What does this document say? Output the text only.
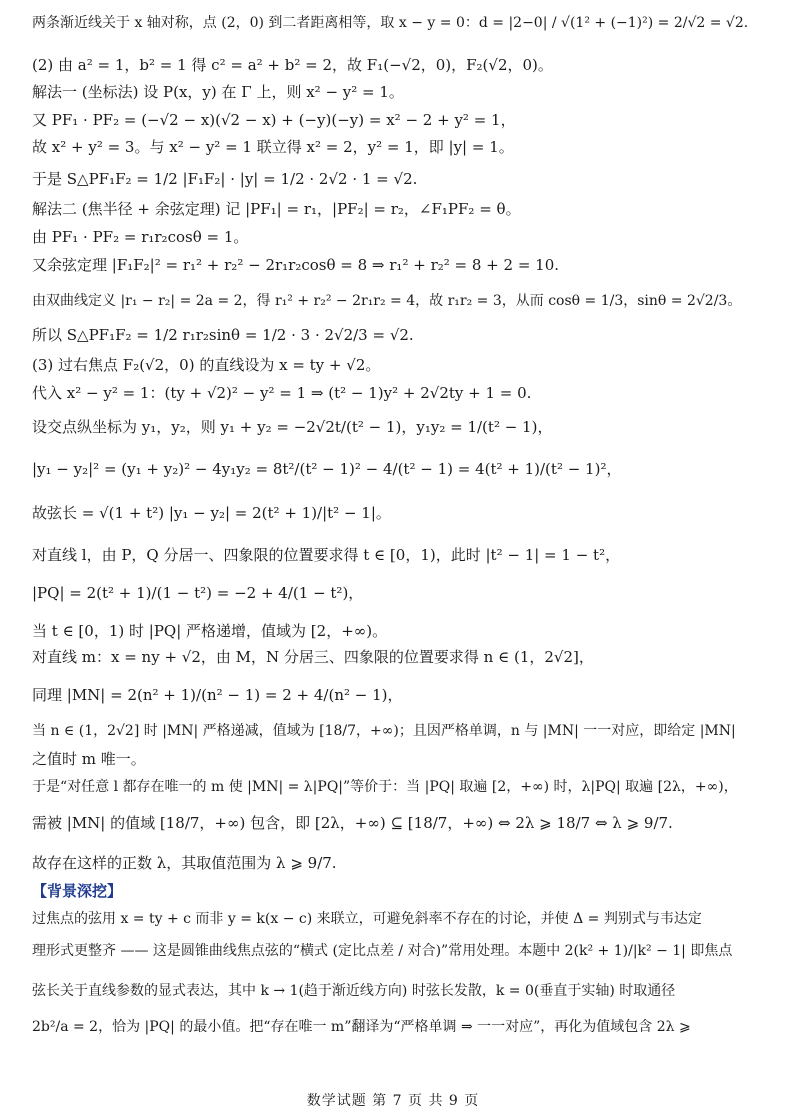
两条渐近线关于 x 轴对称，点 (2，0) 到二者距离相等，取 x − y = 0：d = |2−0| / √(1² + (−1)²) = 2/√2 = √2.
(2) 由 a² = 1，b² = 1 得 c² = a² + b² = 2，故 F₁(−√2，0)，F₂(√2，0)。
解法一 (坐标法) 设 P(x，y) 在 Γ 上，则 x² − y² = 1。
又 PF₁ · PF₂ = (−√2 − x)(√2 − x) + (−y)(−y) = x² − 2 + y² = 1，
故 x² + y² = 3。与 x² − y² = 1 联立得 x² = 2，y² = 1，即 |y| = 1。
于是 S△PF₁F₂ = 1/2 |F₁F₂| · |y| = 1/2 · 2√2 · 1 = √2.
解法二 (焦半径 + 余弦定理) 记 |PF₁| = r₁，|PF₂| = r₂，∠F₁PF₂ = θ。
由 PF₁ · PF₂ = r₁r₂cosθ = 1。
又余弦定理 |F₁F₂|² = r₁² + r₂² − 2r₁r₂cosθ = 8 ⇒ r₁² + r₂² = 8 + 2 = 10.
由双曲线定义 |r₁ − r₂| = 2a = 2，得 r₁² + r₂² − 2r₁r₂ = 4，故 r₁r₂ = 3，从而 cosθ = 1/3，sinθ = 2√2/3。
所以 S△PF₁F₂ = 1/2 r₁r₂sinθ = 1/2 · 3 · 2√2/3 = √2.
(3) 过右焦点 F₂(√2，0) 的直线设为 x = ty + √2。
代入 x² − y² = 1：(ty + √2)² − y² = 1 ⇒ (t² − 1)y² + 2√2ty + 1 = 0.
设交点纵坐标为 y₁，y₂，则 y₁ + y₂ = −2√2t/(t² − 1)，y₁y₂ = 1/(t² − 1)，
|y₁ − y₂|² = (y₁ + y₂)² − 4y₁y₂ = 8t²/(t² − 1)² − 4/(t² − 1) = 4(t² + 1)/(t² − 1)²，
故弦长 = √(1 + t²) |y₁ − y₂| = 2(t² + 1)/|t² − 1|。
对直线 l，由 P，Q 分居一、四象限的位置要求得 t ∈ [0，1)，此时 |t² − 1| = 1 − t²，
|PQ| = 2(t² + 1)/(1 − t²) = −2 + 4/(1 − t²)，
当 t ∈ [0，1) 时 |PQ| 严格递增，值域为 [2，+∞)。
对直线 m：x = ny + √2，由 M，N 分居三、四象限的位置要求得 n ∈ (1，2√2]，
同理 |MN| = 2(n² + 1)/(n² − 1) = 2 + 4/(n² − 1)，
当 n ∈ (1，2√2] 时 |MN| 严格递减，值域为 [18/7，+∞)；且因严格单调，n 与 |MN| 一一对应，即给定 |MN|
之值时 m 唯一。
于是“对任意 l 都存在唯一的 m 使 |MN| = λ|PQ|”等价于：当 |PQ| 取遍 [2，+∞) 时，λ|PQ| 取遍 [2λ，+∞)，
需被 |MN| 的值域 [18/7，+∞) 包含，即 [2λ，+∞) ⊆ [18/7，+∞) ⇔ 2λ ⩾ 18/7 ⇔ λ ⩾ 9/7.
故存在这样的正数 λ，其取值范围为 λ ⩾ 9/7.
【背景深挖】
过焦点的弦用 x = ty + c 而非 y = k(x − c) 来联立，可避免斜率不存在的讨论，并使 Δ = 判别式与韦达定
理形式更整齐 —— 这是圆锥曲线焦点弦的“横式 (定比点差 / 对合)”常用处理。本题中 2(k² + 1)/|k² − 1| 即焦点
弦长关于直线参数的显式表达，其中 k → 1(趋于渐近线方向) 时弦长发散，k = 0(垂直于实轴) 时取通径
2b²/a = 2，恰为 |PQ| 的最小值。把“存在唯一 m”翻译为“严格单调 ⇒ 一一对应”，再化为值域包含 2λ ⩾
数学试题 第 7 页 共 9 页
